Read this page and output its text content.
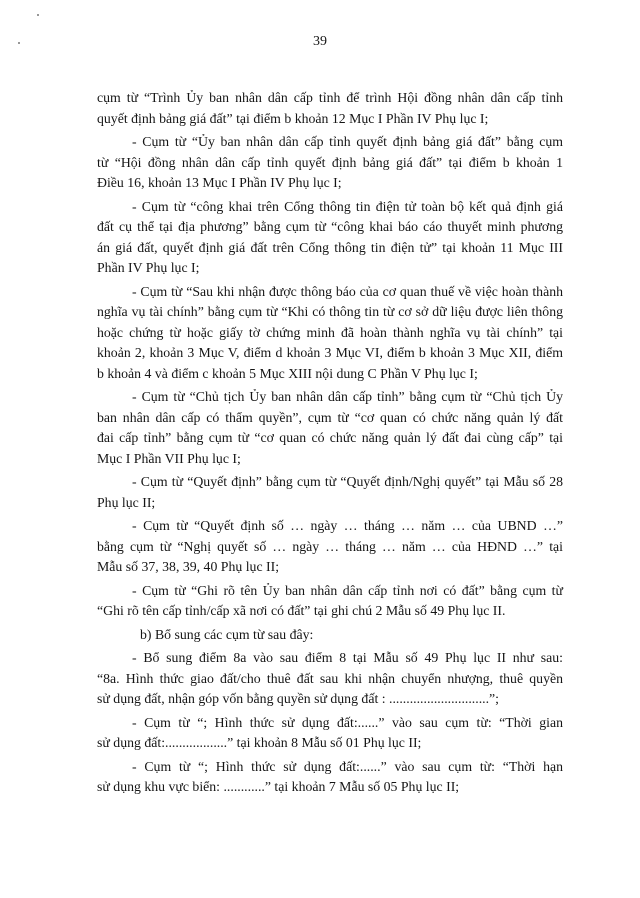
39
cụm từ “Trình Ủy ban nhân dân cấp tỉnh để trình Hội đồng nhân dân cấp tỉnh
quyết định bảng giá đất” tại điểm b khoản 12 Mục I Phần IV Phụ lục I;
- Cụm từ “Ủy ban nhân dân cấp tỉnh quyết định bảng giá đất” bằng cụm
từ “Hội đồng nhân dân cấp tỉnh quyết định bảng giá đất” tại điểm b khoản 1
Điều 16, khoản 13 Mục I Phần IV Phụ lục I;
- Cụm từ “công khai trên Cổng thông tin điện tử toàn bộ kết quả định giá
đất cụ thể tại địa phương” bằng cụm từ “công khai báo cáo thuyết minh phương
án giá đất, quyết định giá đất trên Cổng thông tin điện tử” tại khoản 11 Mục III
Phần IV Phụ lục I;
- Cụm từ “Sau khi nhận được thông báo của cơ quan thuế về việc hoàn thành
nghĩa vụ tài chính” bằng cụm từ “Khi có thông tin từ cơ sở dữ liệu được liên thông
hoặc chứng từ hoặc giấy tờ chứng minh đã hoàn thành nghĩa vụ tài chính” tại
khoản 2, khoản 3 Mục V, điểm d khoản 3 Mục VI, điểm b khoản 3 Mục XII, điểm
b khoản 4 và điểm c khoản 5 Mục XIII nội dung C Phần V Phụ lục I;
- Cụm từ “Chủ tịch Ủy ban nhân dân cấp tỉnh” bằng cụm từ “Chủ tịch Ủy
ban nhân dân cấp có thẩm quyền”, cụm từ “cơ quan có chức năng quản lý đất
đai cấp tỉnh” bằng cụm từ “cơ quan có chức năng quản lý đất đai cùng cấp” tại
Mục I Phần VII Phụ lục I;
- Cụm từ “Quyết định” bằng cụm từ “Quyết định/Nghị quyết” tại Mẫu số 28
Phụ lục II;
- Cụm từ “Quyết định số … ngày … tháng … năm … của UBND …”
bằng cụm từ “Nghị quyết số … ngày … tháng … năm … của HĐND …” tại
Mẫu số 37, 38, 39, 40 Phụ lục II;
- Cụm từ “Ghi rõ tên Ủy ban nhân dân cấp tỉnh nơi có đất” bằng cụm từ
“Ghi rõ tên cấp tỉnh/cấp xã nơi có đất” tại ghi chú 2 Mẫu số 49 Phụ lục II.
b) Bổ sung các cụm từ sau đây:
- Bổ sung điểm 8a vào sau điểm 8 tại Mẫu số 49 Phụ lục II như sau:
“8a. Hình thức giao đất/cho thuê đất sau khi nhận chuyển nhượng, thuê quyền
sử dụng đất, nhận góp vốn bằng quyền sử dụng đất : .............................”;
- Cụm từ “; Hình thức sử dụng đất:......” vào sau cụm từ: “Thời gian
sử dụng đất:..................” tại khoản 8 Mẫu số 01 Phụ lục II;
- Cụm từ “; Hình thức sử dụng đất:......” vào sau cụm từ: “Thời hạn
sử dụng khu vực biển: ............” tại khoản 7 Mẫu số 05 Phụ lục II;
